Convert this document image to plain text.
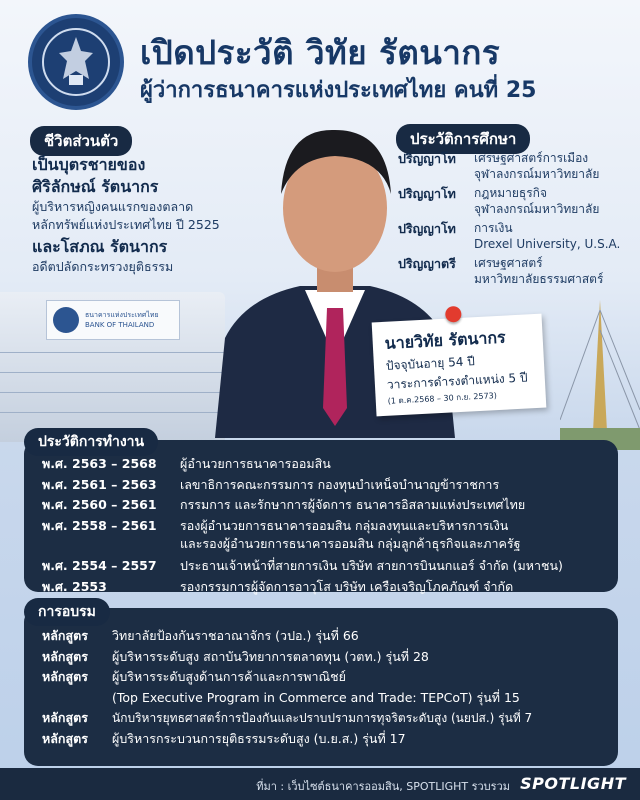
เปิดประวัติ วิทัย รัตนากร
ผู้ว่าการธนาคารแห่งประเทศไทย คนที่ 25
ชีวิตส่วนตัว
เป็นบุตรชายของ
ศิริลักษณ์ รัตนากร
ผู้บริหารหญิงคนแรกของตลาด
หลักทรัพย์แห่งประเทศไทย ปี 2525
และโสภณ รัตนากร
อดีตปลัดกระทรวงยุติธรรม
ประวัติการศึกษา
ปริญญาโท	เศรษฐศาสตร์การเมือง
จุฬาลงกรณ์มหาวิทยาลัย
ปริญญาโท	กฎหมายธุรกิจ
จุฬาลงกรณ์มหาวิทยาลัย
ปริญญาโท	การเงิน
Drexel University, U.S.A.
ปริญญาตรี	เศรษฐศาสตร์
มหาวิทยาลัยธรรมศาสตร์
ธนาคารแห่งประเทศไทย
BANK OF THAILAND
นายวิทัย รัตนากร
ปัจจุบันอายุ 54 ปี
วาระการดำรงตำแหน่ง 5 ปี
(1 ต.ค.2568 – 30 ก.ย. 2573)
พ.ศ. 2563 – 2568	ผู้อำนวยการธนาคารออมสิน
พ.ศ. 2561 – 2563	เลขาธิการคณะกรรมการ กองทุนบำเหน็จบำนาญข้าราชการ
พ.ศ. 2560 – 2561	กรรมการ และรักษาการผู้จัดการ ธนาคารอิสลามแห่งประเทศไทย
พ.ศ. 2558 – 2561	รองผู้อำนวยการธนาคารออมสิน กลุ่มลงทุนและบริหารการเงิน
และรองผู้อำนวยการธนาคารออมสิน กลุ่มลูกค้าธุรกิจและภาครัฐ
พ.ศ. 2554 – 2557	ประธานเจ้าหน้าที่สายการเงิน บริษัท สายการบินนกแอร์ จำกัด (มหาชน)
พ.ศ. 2553	รองกรรมการผู้จัดการอาวุโส บริษัท เครือเจริญโภคภัณฑ์ จำกัด
ประวัติการทำงาน
หลักสูตร	วิทยาลัยป้องกันราชอาณาจักร (วปอ.) รุ่นที่ 66
หลักสูตร	ผู้บริหารระดับสูง สถาบันวิทยาการตลาดทุน (วตท.) รุ่นที่ 28
หลักสูตร	ผู้บริหารระดับสูงด้านการค้าและการพาณิชย์
(Top Executive Program in Commerce and Trade: TEPCoT) รุ่นที่ 15
หลักสูตร	นักบริหารยุทธศาสตร์การป้องกันและปราบปรามการทุจริตระดับสูง (นยปส.) รุ่นที่ 7
หลักสูตร	ผู้บริหารกระบวนการยุติธรรมระดับสูง (บ.ย.ส.) รุ่นที่ 17
การอบรม
ที่มา : เว็บไซต์ธนาคารออมสิน, SPOTLIGHT รวบรวม SPOTLIGHT
